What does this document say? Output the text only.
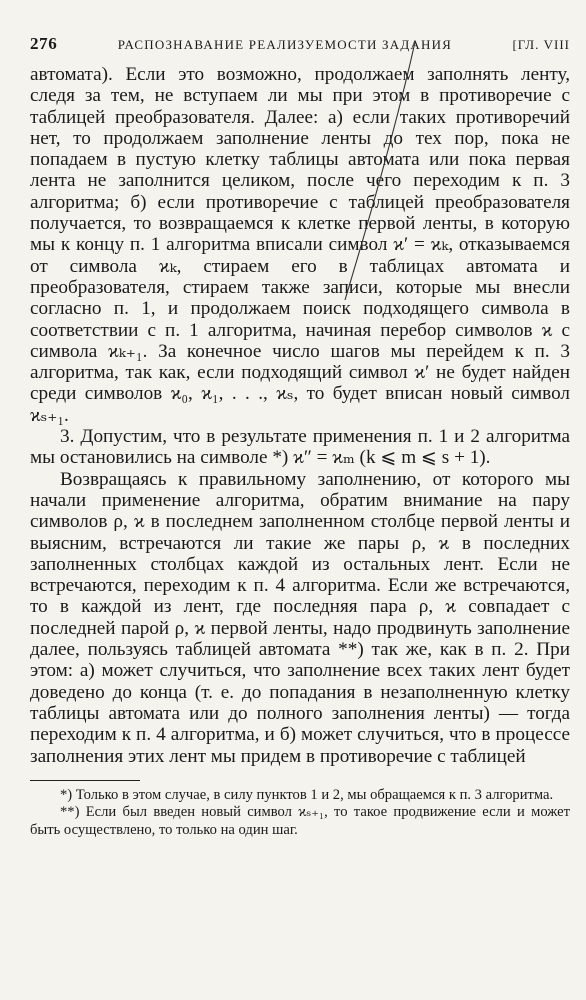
276	РАСПОЗНАВАНИЕ РЕАЛИЗУЕМОСТИ ЗАДАНИЯ	[ГЛ. VIII

автомата). Если это возможно, продолжаем заполнять ленту, следя за тем, не вступаем ли мы при этом в противоречие с таблицей преобразователя. Далее: а) если таких противоречий нет, то продолжаем заполнение ленты до тех пор, пока не попадаем в пустую клетку таблицы автомата или пока первая лента не заполнится целиком, после чего переходим к п. 3 алгоритма; б) если противоречие с таблицей преобразователя получается, то возвращаемся к клетке первой ленты, в которую мы к концу п. 1 алгоритма вписали символ ϰ′ = ϰₖ, отказываемся от символа ϰₖ, стираем его в таблицах автомата и преобразователя, стираем также записи, которые мы внесли согласно п. 1, и продолжаем поиск подходящего символа в соответствии с п. 1 алгоритма, начиная перебор символов ϰ с символа ϰₖ₊₁. За конечное число шагов мы перейдем к п. 3 алгоритма, так как, если подходящий символ ϰ′ не будет найден среди символов ϰ₀, ϰ₁, . . ., ϰₛ, то будет вписан новый символ ϰₛ₊₁.

3. Допустим, что в результате применения п. 1 и 2 алгоритма мы остановились на символе *) ϰ″ = ϰₘ (k ⩽ m ⩽ s + 1).

Возвращаясь к правильному заполнению, от которого мы начали применение алгоритма, обратим внимание на пару символов ρ, ϰ в последнем заполненном столбце первой ленты и выясним, встречаются ли такие же пары ρ, ϰ в последних заполненных столбцах каждой из остальных лент. Если не встречаются, переходим к п. 4 алгоритма. Если же встречаются, то в каждой из лент, где последняя пара ρ, ϰ совпадает с последней парой ρ, ϰ первой ленты, надо продвинуть заполнение далее, пользуясь таблицей автомата **) так же, как в п. 2. При этом: а) может случиться, что заполнение всех таких лент будет доведено до конца (т. е. до попадания в незаполненную клетку таблицы автомата или до полного заполнения ленты) — тогда переходим к п. 4 алгоритма, и б) может случиться, что в процессе заполнения этих лент мы придем в противоречие с таблицей

*) Только в этом случае, в силу пунктов 1 и 2, мы обращаемся к п. 3 алгоритма.

**) Если был введен новый символ ϰₛ₊₁, то такое продвижение если и может быть осуществлено, то только на один шаг.
